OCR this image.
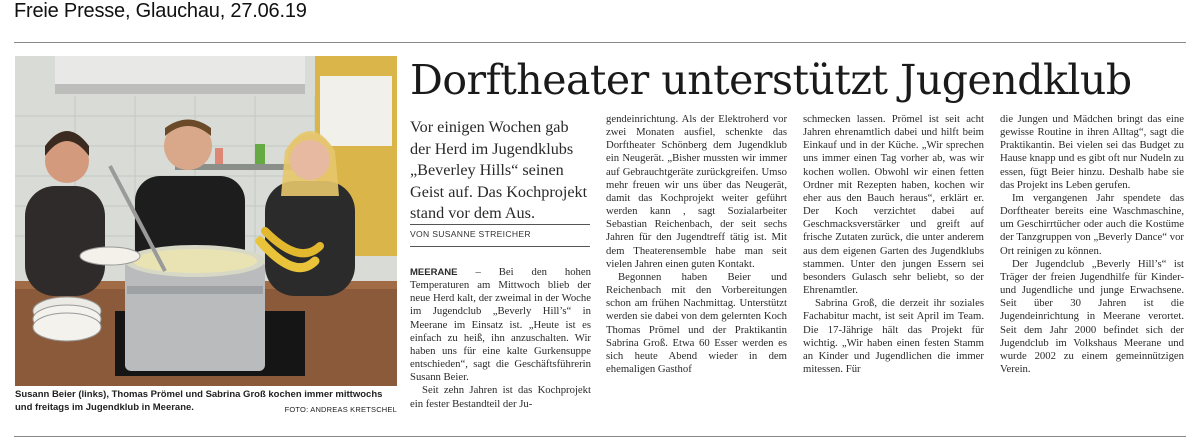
Freie Presse, Glauchau, 27.06.19
Susann Beier (links), Thomas Prömel und Sabrina Groß kochen immer mittwochs und freitags im Jugendklub in Meerane.	FOTO: ANDREAS KRETSCHEL
Dorftheater unterstützt Jugendklub
Vor einigen Wochen gab der Herd im Jugendklubs „Beverley Hills“ seinen Geist auf. Das Kochprojekt stand vor dem Aus.
VON SUSANNE STREICHER

MEERANE – Bei den hohen Temperaturen am Mittwoch blieb der neue Herd kalt, der zweimal in der Woche im Jugendclub „Beverly Hill’s“ in Meerane im Einsatz ist. „Heute ist es einfach zu heiß, ihn anzuschalten. Wir haben uns für eine kalte Gurkensuppe entschieden“, sagt die Geschäftsführerin Susann Beier.

Seit zehn Jahren ist das Kochprojekt ein fester Bestandteil der Ju-

gendeinrichtung. Als der Elektroherd vor zwei Monaten ausfiel, schenkte das Dorftheater Schönberg dem Jugendklub ein Neugerät. „Bisher mussten wir immer auf Gebrauchtgeräte zurückgreifen. Umso mehr freuen wir uns über das Neugerät, damit das Kochprojekt weiter geführt werden kann , sagt Sozialarbeiter Sebastian Reichenbach, der seit sechs Jahren für den Jugendtreff tätig ist. Mit dem Theaterensemble habe man seit vielen Jahren einen guten Kontakt.

Begonnen haben Beier und Reichenbach mit den Vorbereitungen schon am frühen Nachmittag. Unterstützt werden sie dabei von dem gelernten Koch Thomas Prömel und der Praktikantin Sabrina Groß. Etwa 60 Esser werden es sich heute Abend wieder in dem ehemaligen Gasthof

schmecken lassen. Prömel ist seit acht Jahren ehrenamtlich dabei und hilft beim Einkauf und in der Küche. „Wir sprechen uns immer einen Tag vorher ab, was wir kochen wollen. Obwohl wir einen fetten Ordner mit Rezepten haben, kochen wir eher aus den Bauch heraus“, erklärt er. Der Koch verzichtet dabei auf Geschmacksverstärker und greift auf frische Zutaten zurück, die unter anderem aus dem eigenen Garten des Jugendklubs stammen. Unter den jungen Essern sei besonders Gulasch sehr beliebt, so der Ehrenamtler.

Sabrina Groß, die derzeit ihr soziales Fachabitur macht, ist seit April im Team. Die 17-Jährige hält das Projekt für wichtig. „Wir haben einen festen Stamm an Kinder und Jugendlichen die immer mitessen. Für

die Jungen und Mädchen bringt das eine gewisse Routine in ihren Alltag“, sagt die Praktikantin. Bei vielen sei das Budget zu Hause knapp und es gibt oft nur Nudeln zu essen, fügt Beier hinzu. Deshalb habe sie das Projekt ins Leben gerufen.

Im vergangenen Jahr spendete das Dorftheater bereits eine Waschmaschine, um Geschirrtücher oder auch die Kostüme der Tanzgruppen von „Beverly Dance“ vor Ort reinigen zu können.

Der Jugendclub „Beverly Hill’s“ ist Träger der freien Jugendhilfe für Kinder- und Jugendliche und junge Erwachsene. Seit über 30 Jahren ist die Jugendeinrichtung in Meerane verortet. Seit dem Jahr 2000 befindet sich der Jugendclub im Volkshaus Meerane und wurde 2002 zu einem gemeinnützigen Verein.
